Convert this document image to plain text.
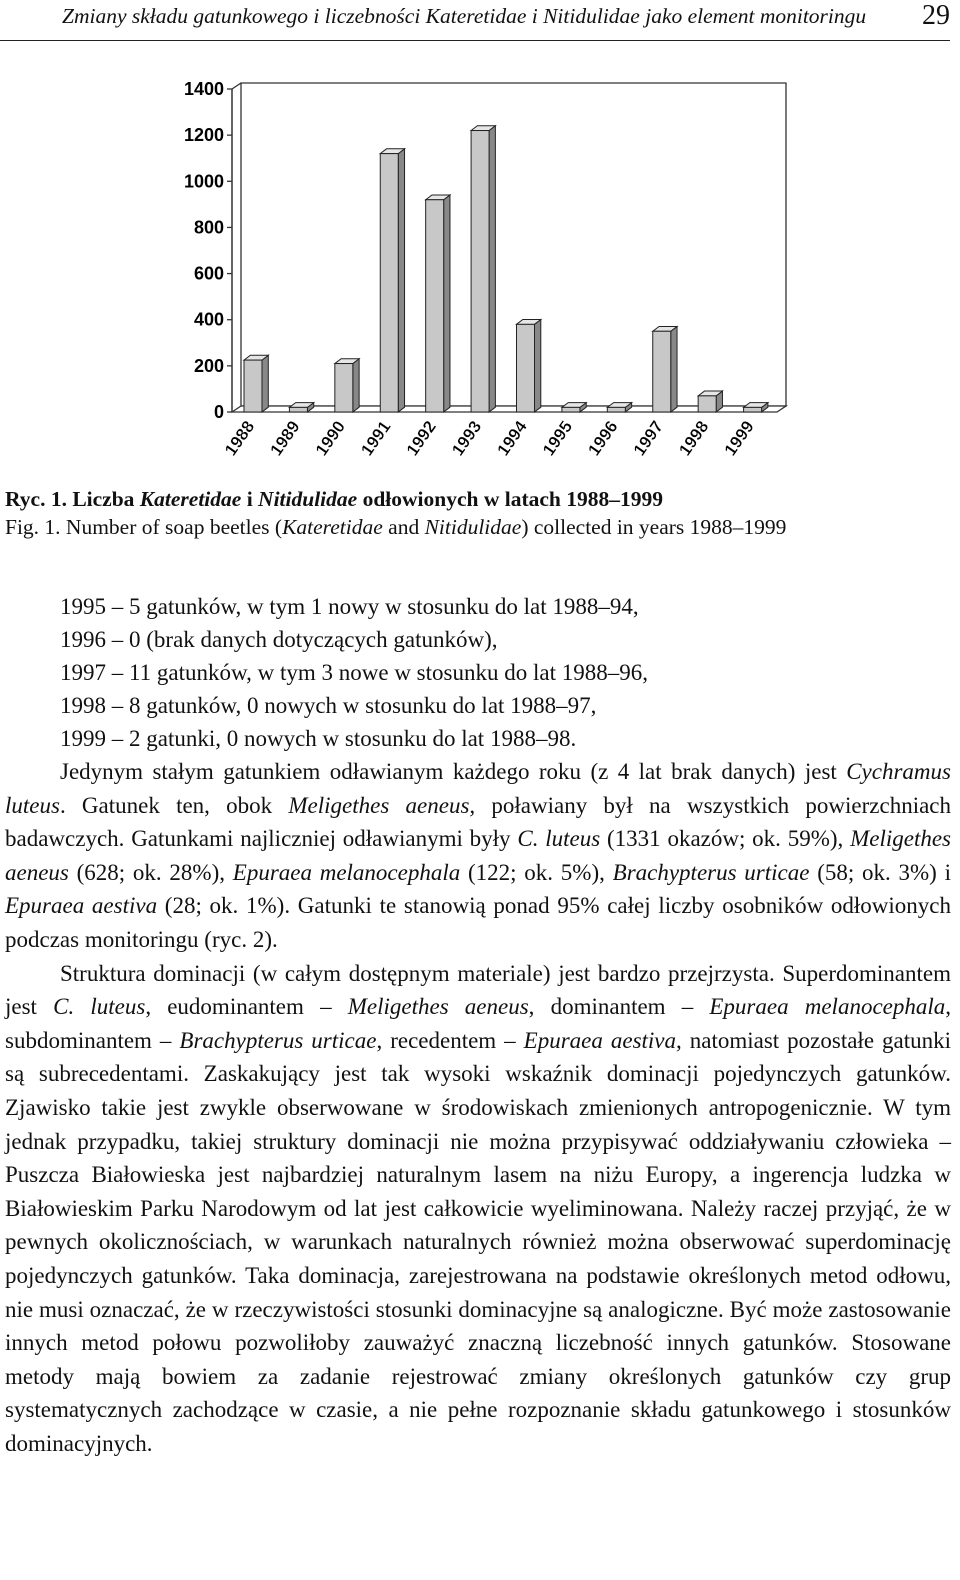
Zmiany składu gatunkowego i liczebności Kateretidae i Nitidulidae jako element monitoringu 29
0
200
400
600
800
1000
1200
1400
1988 1989 1990 1991 1992 1993 1994 1995 1996 1997 1998 1999
Ryc. 1. Liczba Kateretidae i Nitidulidae odłowionych w latach 1988–1999
Fig. 1. Number of soap beetles (Kateretidae and Nitidulidae) collected in years 1988–1999
1995 – 5 gatunków, w tym 1 nowy w stosunku do lat 1988–94,
1996 – 0 (brak danych dotyczących gatunków),
1997 – 11 gatunków, w tym 3 nowe w stosunku do lat 1988–96,
1998 – 8 gatunków, 0 nowych w stosunku do lat 1988–97,
1999 – 2 gatunki, 0 nowych w stosunku do lat 1988–98.

Jedynym stałym gatunkiem odławianym każdego roku (z 4 lat brak danych) jest Cychramus luteus. Gatunek ten, obok Meligethes aeneus, poławiany był na wszystkich powierzchniach badawczych. Gatunkami najliczniej odławianymi były C. luteus (1331 okazów; ok. 59%), Meligethes aeneus (628; ok. 28%), Epuraea melanocephala (122; ok. 5%), Brachypterus urticae (58; ok. 3%) i Epuraea aestiva (28; ok. 1%). Gatunki te stanowią ponad 95% całej liczby osobników odłowionych podczas monitoringu (ryc. 2).

Struktura dominacji (w całym dostępnym materiale) jest bardzo przejrzysta. Superdominantem jest C. luteus, eudominantem – Meligethes aeneus, dominantem – Epuraea melanocephala, subdominantem – Brachypterus urticae, recedentem – Epuraea aestiva, natomiast pozostałe gatunki są subrecedentami. Zaskakujący jest tak wysoki wskaźnik dominacji pojedynczych gatunków. Zjawisko takie jest zwykle obserwowane w środowiskach zmienionych antropogenicznie. W tym jednak przypadku, takiej struktury dominacji nie można przypisywać oddziaływaniu człowieka – Puszcza Białowieska jest najbardziej naturalnym lasem na niżu Europy, a ingerencja ludzka w Białowieskim Parku Narodowym od lat jest całkowicie wyeliminowana. Należy raczej przyjąć, że w pewnych okolicznościach, w warunkach naturalnych również można obserwować superdominację pojedynczych gatunków. Taka dominacja, zarejestrowana na podstawie określonych metod odłowu, nie musi oznaczać, że w rzeczywistości stosunki dominacyjne są analogiczne. Być może zastosowanie innych metod połowu pozwoliłoby zauważyć znaczną liczebność innych gatunków. Stosowane metody mają bowiem za zadanie rejestrować zmiany określonych gatunków czy grup systematycznych zachodzące w czasie, a nie pełne rozpoznanie składu gatunkowego i stosunków dominacyjnych.
